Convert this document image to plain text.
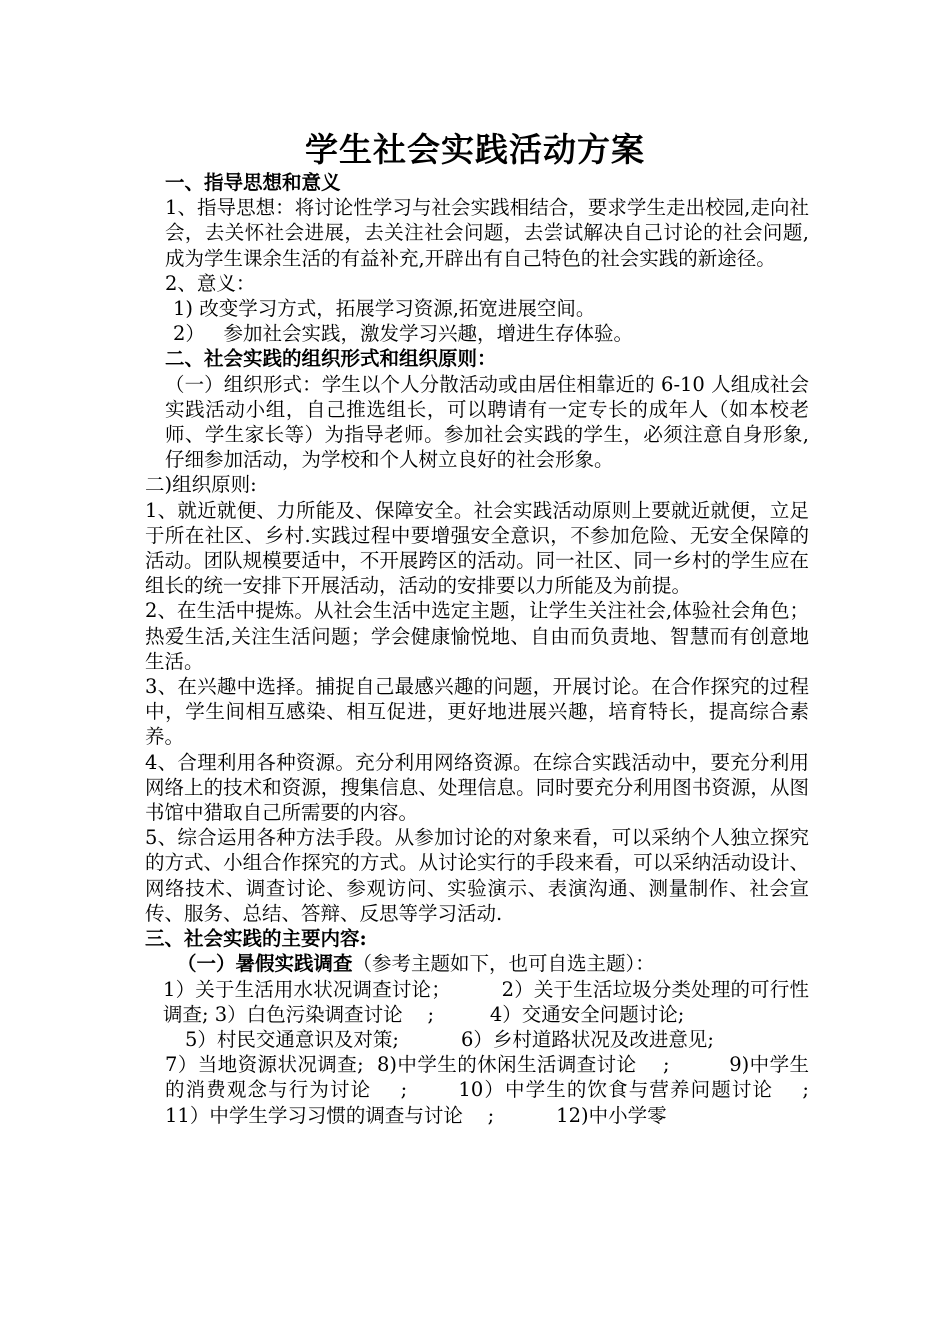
学生社会实践活动方案

一、指导思想和意义

1、指导思想：将讨论性学习与社会实践相结合，要求学生走出校园,走向社会，去关怀社会进展，去关注社会问题，去尝试解决自己讨论的社会问题,成为学生课余生活的有益补充,开辟出有自己特色的社会实践的新途径。

2、意义：

1) 改变学习方式，拓展学习资源,拓宽进展空间。

2）   参加社会实践，激发学习兴趣，增进生存体验。

二、社会实践的组织形式和组织原则：

（一）组织形式：学生以个人分散活动或由居住相靠近的 6-10 人组成社会实践活动小组，自己推选组长，可以聘请有一定专长的成年人（如本校老师、学生家长等）为指导老师。参加社会实践的学生，必须注意自身形象,仔细参加活动，为学校和个人树立良好的社会形象。

二)组织原则:

1、就近就便、力所能及、保障安全。社会实践活动原则上要就近就便，立足于所在社区、乡村.实践过程中要增强安全意识，不参加危险、无安全保障的活动。团队规模要适中，不开展跨区的活动。同一社区、同一乡村的学生应在组长的统一安排下开展活动，活动的安排要以力所能及为前提。

2、在生活中提炼。从社会生活中选定主题，让学生关注社会,体验社会角色；热爱生活,关注生活问题；学会健康愉悦地、自由而负责地、智慧而有创意地生活。

3、在兴趣中选择。捕捉自己最感兴趣的问题，开展讨论。在合作探究的过程中，学生间相互感染、相互促进，更好地进展兴趣，培育特长，提高综合素养。

4、合理利用各种资源。充分利用网络资源。在综合实践活动中，要充分利用网络上的技术和资源，搜集信息、处理信息。同时要充分利用图书资源，从图书馆中猎取自己所需要的内容。

5、综合运用各种方法手段。从参加讨论的对象来看，可以采纳个人独立探究的方式、小组合作探究的方式。从讨论实行的手段来看，可以采纳活动设计、网络技术、调查讨论、参观访问、实验演示、表演沟通、测量制作、社会宣传、服务、总结、答辩、反思等学习活动.

三、社会实践的主要内容:

（一）暑假实践调查（参考主题如下，也可自选主题）：

1）关于生活用水状况调查讨论；        2）关于生活垃圾分类处理的可行性调查; 3）白色污染调查讨论    ;         4）交通安全问题讨论;

5）村民交通意识及对策;          6）乡村道路状况及改进意见;

7）当地资源状况调查;  8)中学生的休闲生活调查讨论    ;         9)中学生的消费观念与行为讨论    ;       10）中学生的饮食与营养问题讨论    ;       11）中学生学习习惯的调查与讨论    ;          12)中小学零
